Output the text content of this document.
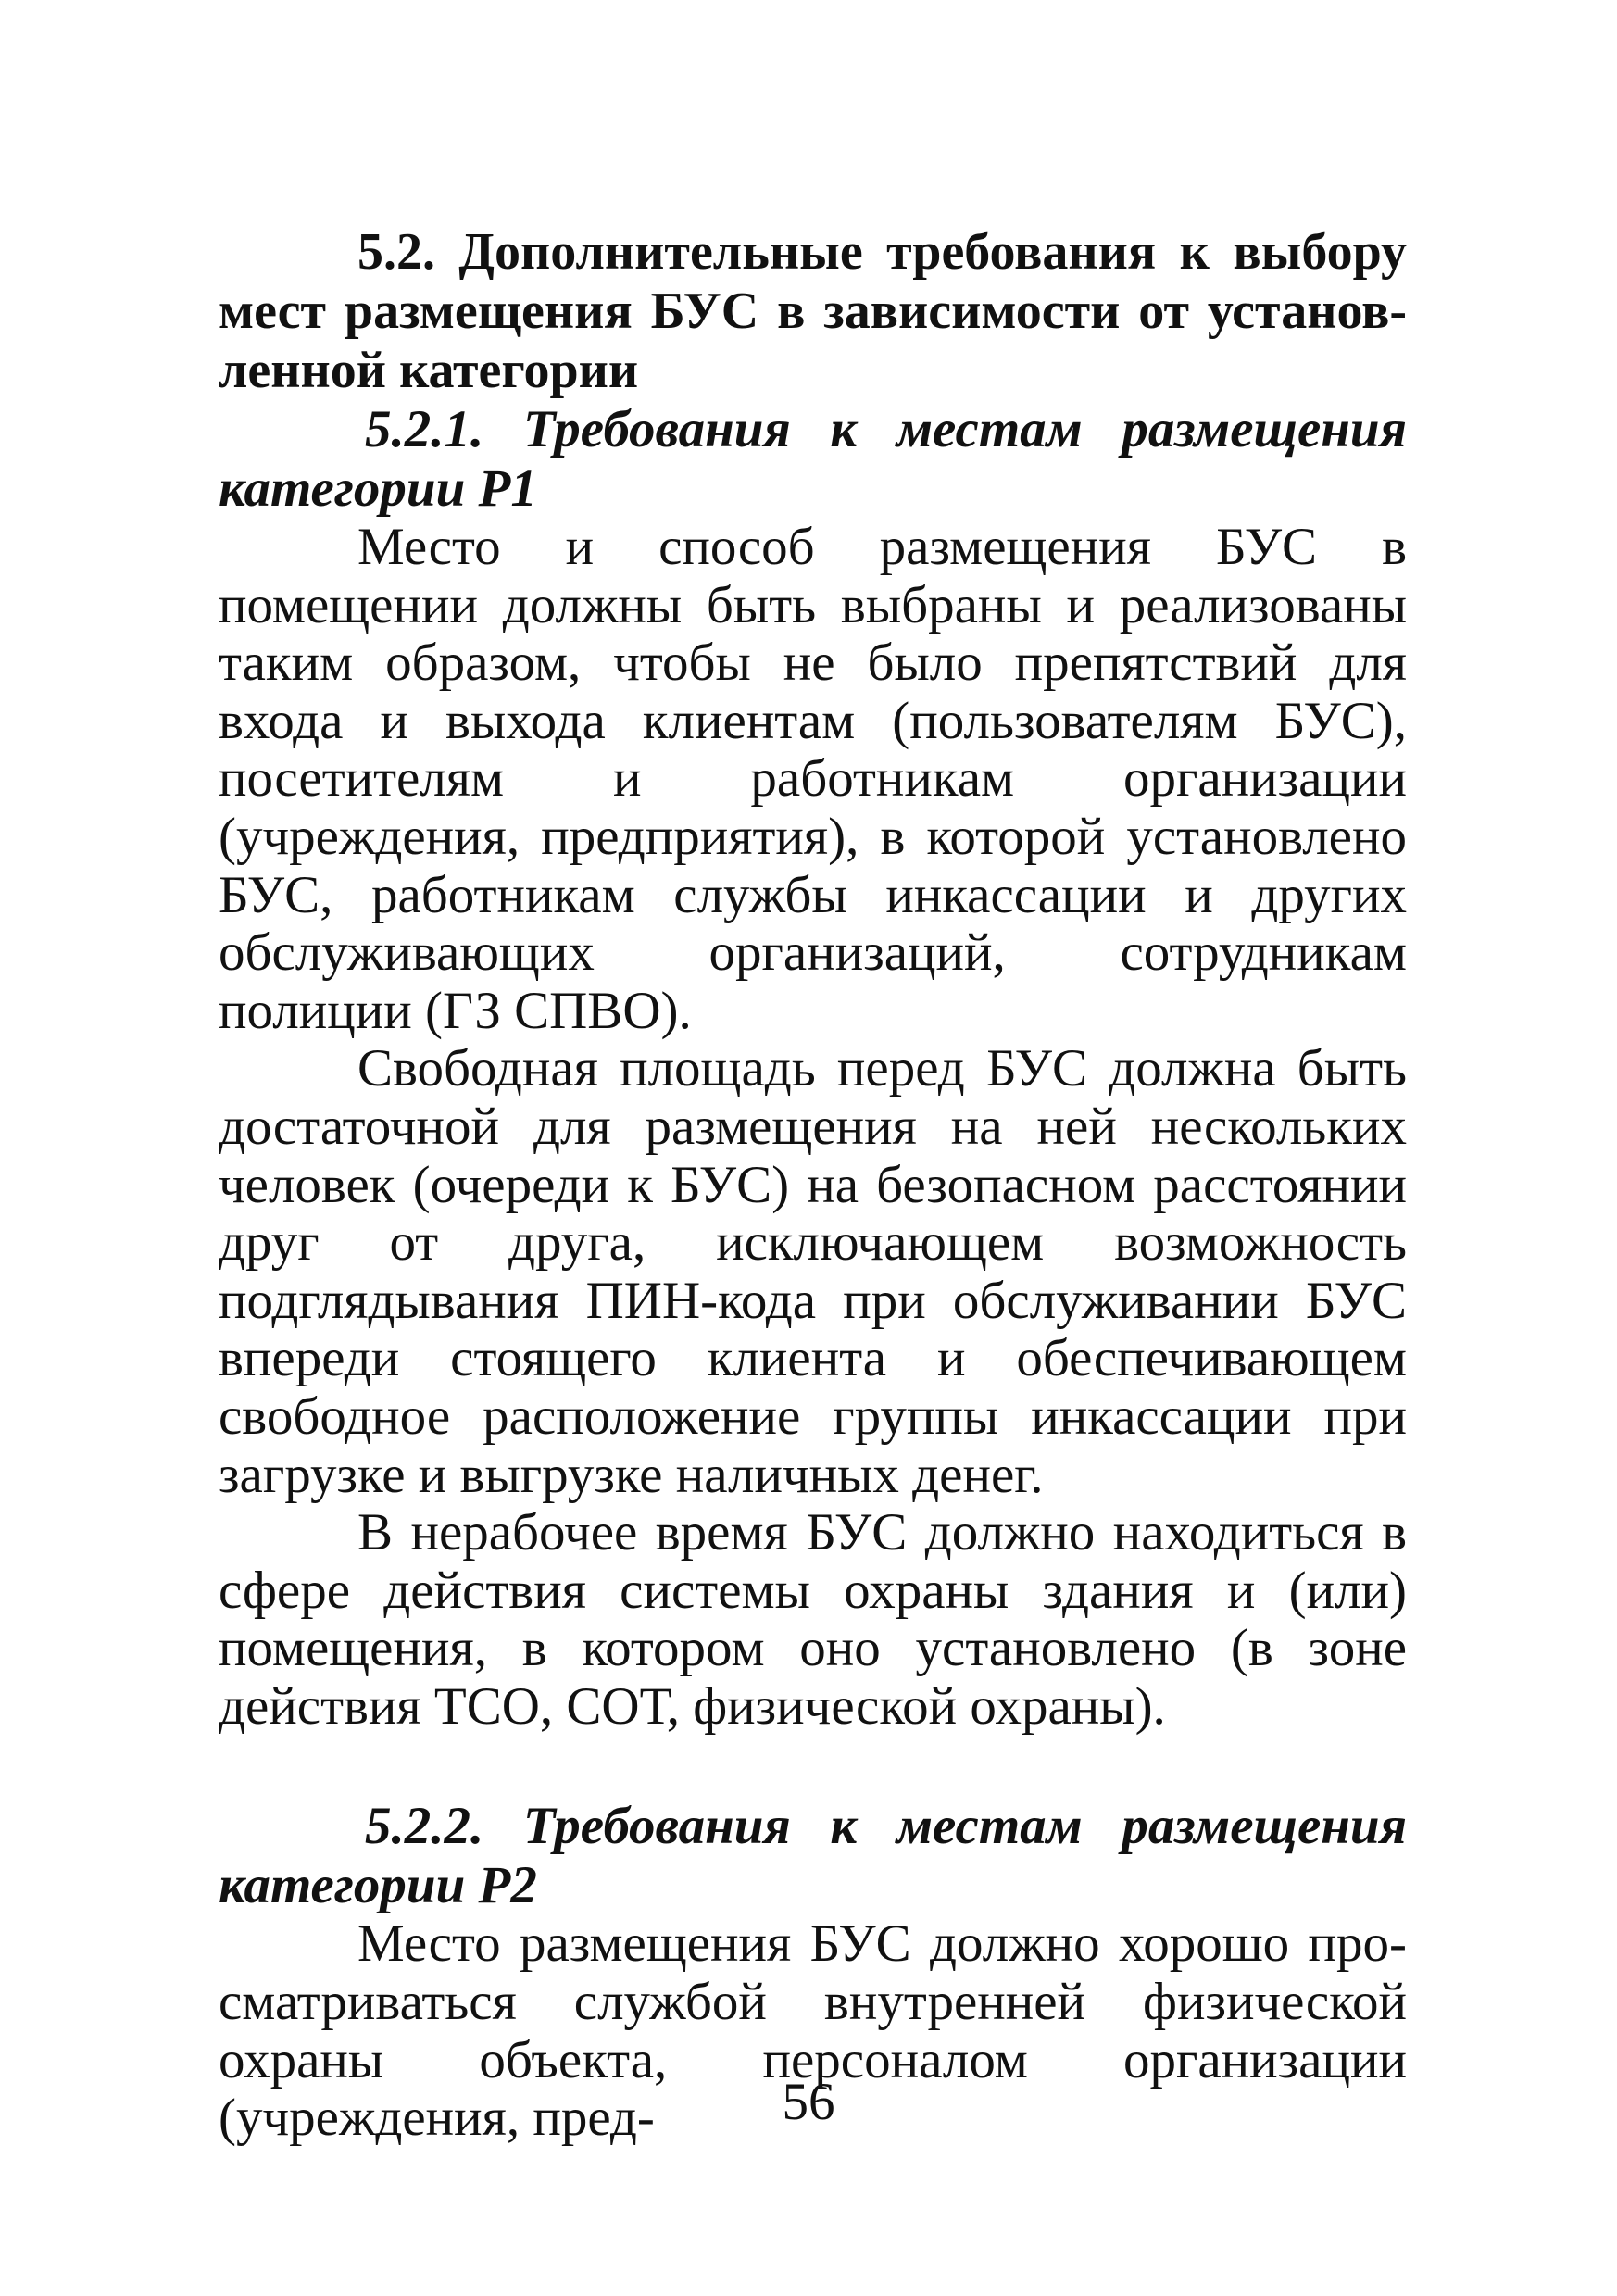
5.2. Дополнительные требования к выбору мест размещения БУС в зависимости от установленной категории

5.2.1. Требования к местам размещения категории Р1

Место и способ размещения БУС в помещении должны быть выбраны и реализованы таким образом, чтобы не было препятствий для входа и выхода клиентам (пользователям БУС), посетителям и работникам организации (учреждения, предприятия), в которой установлено БУС, работникам службы инкассации и других обслуживающих организаций, сотрудникам полиции (ГЗ СПВО).

Свободная площадь перед БУС должна быть достаточной для размещения на ней нескольких человек (очереди к БУС) на безопасном расстоянии друг от друга, исключающем возможность подглядывания ПИН-кода при обслуживании БУС впереди стоящего клиента и обеспечивающем свободное расположение группы инкассации при загрузке и выгрузке наличных денег.

В нерабочее время БУС должно находиться в сфере действия системы охраны здания и (или) помещения, в котором оно установлено (в зоне действия ТСО, СОТ, физической охраны).

5.2.2. Требования к местам размещения категории Р2

Место размещения БУС должно хорошо просматриваться службой внутренней физической охраны объекта, персоналом организации (учреждения, пред-	56
